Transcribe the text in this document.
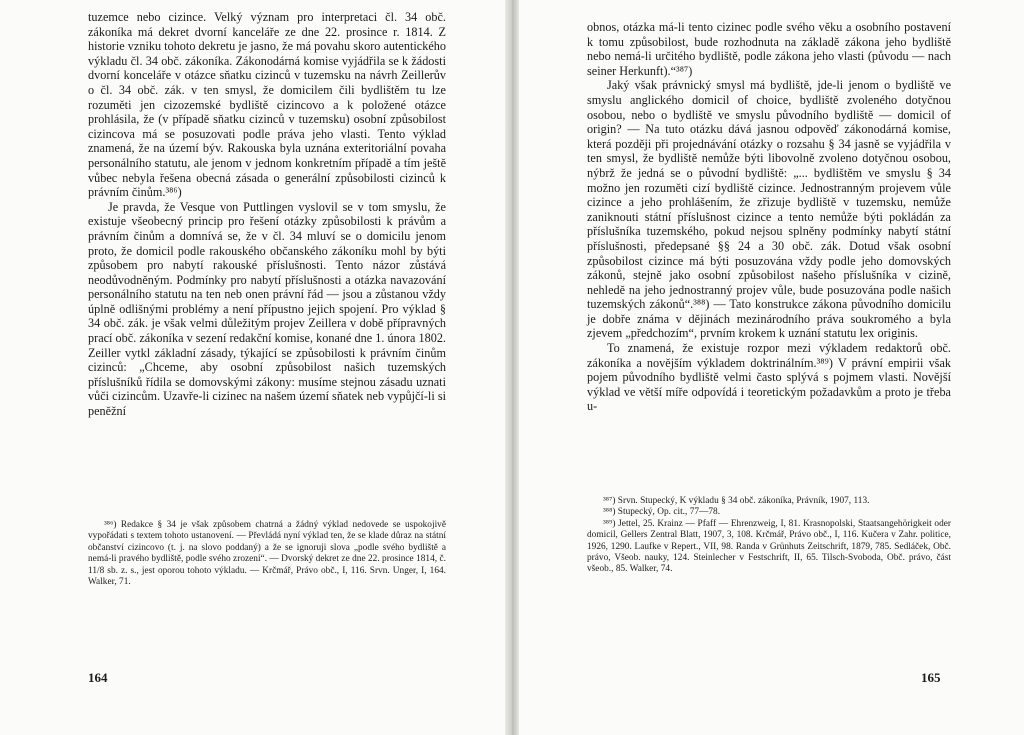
tuzemce nebo cizince. Velký význam pro interpretaci čl. 34 obč. zákoníka má dekret dvorní kanceláře ze dne 22. prosince r. 1814. Z historie vzniku tohoto dekretu je jasno, že má povahu skoro autentického výkladu čl. 34 obč. zákoníka. Zákonodárná komise vyjádřila se k žádosti dvorní konceláře v otázce sňatku cizinců v tuzemsku na návrh Zeillerův o čl. 34 obč. zák. v ten smysl, že domicilem čili bydlištěm tu lze rozuměti jen cizozemské bydliště cizincovo a k položené otázce prohlásila, že (v případě sňatku cizinců v tuzemsku) osobní způsobilost cizincova má se posuzovati podle práva jeho vlasti. Tento výklad znamená, že na území býv. Rakouska byla uznána exteritoriální povaha personálního statutu, ale jenom v jednom konkretním případě a tím ještě vůbec nebyla řešena obecná zásada o generální způsobilosti cizinců k právním činům.³⁸⁶)

Je pravda, že Vesque von Puttlingen vyslovil se v tom smyslu, že existuje všeobecný princip pro řešení otázky způsobilosti k právům a právním činům a domnívá se, že v čl. 34 mluví se o domicilu jenom proto, že domicil podle rakouského občanského zákoníku mohl by býti způsobem pro nabytí rakouské příslušnosti. Tento názor zůstává neodůvodněným. Podmínky pro nabytí příslušnosti a otázka navazování personálního statutu na ten neb onen právní řád — jsou a zůstanou vždy úplně odlišnými problémy a není přípustno jejich spojení. Pro výklad § 34 obč. zák. je však velmi důležitým projev Zeillera v době přípravných prací obč. zákoníka v sezení redakční komise, konané dne 1. února 1802. Zeiller vytkl základní zásady, týkající se způsobilosti k právním činům cizinců: „Chceme, aby osobní způsobilost našich tuzemských příslušníků řídila se domovskými zákony: musíme stejnou zásadu uznati vůči cizincům. Uzavře-li cizinec na našem území sňatek neb vypůjčí-li si peněžní

³⁸⁶) Redakce § 34 je však způsobem chatrná a žádný výklad nedovede se uspokojivě vypořádati s textem tohoto ustanovení. — Převládá nyní výklad ten, že se klade důraz na státní občanství cizincovo (t. j. na slovo poddaný) a že se ignoruji slova „podle svého bydliště a nemá-li pravého bydliště, podle svého zrození“. — Dvorský dekret ze dne 22. prosince 1814, č. 11/8 sb. z. s., jest oporou tohoto výkladu. — Krčmář, Právo obč., I, 116. Srvn. Unger, I, 164. Walker, 71.

164

obnos, otázka má-li tento cizinec podle svého věku a osobního postavení k tomu způsobilost, bude rozhodnuta na základě zákona jeho bydliště nebo nemá-li určitého bydliště, podle zákona jeho vlasti (původu — nach seiner Herkunft).“³⁸⁷)

Jaký však právnický smysl má bydliště, jde-li jenom o bydliště ve smyslu anglického domicil of choice, bydliště zvoleného dotyčnou osobou, nebo o bydliště ve smyslu původního bydliště — domicil of origin? — Na tuto otázku dává jasnou odpověď zákonodárná komise, která později při projednávání otázky o rozsahu § 34 jasně se vyjádřila v ten smysl, že bydliště nemůže býti libovolně zvoleno dotyčnou osobou, nýbrž že jedná se o původní bydliště: „... bydlištěm ve smyslu § 34 možno jen rozuměti cizí bydliště cizince. Jednostranným projevem vůle cizince a jeho prohlášením, že zřizuje bydliště v tuzemsku, nemůže zaniknouti státní příslušnost cizince a tento nemůže býti pokládán za příslušníka tuzemského, pokud nejsou splněny podmínky nabytí státní příslušnosti, předepsané §§ 24 a 30 obč. zák. Dotud však osobní způsobilost cizince má býti posuzována vždy podle jeho domovských zákonů, stejně jako osobní způsobilost našeho příslušníka v cizině, nehledě na jeho jednostranný projev vůle, bude posuzována podle našich tuzemských zákonů“.³⁸⁸) — Tato konstrukce zákona původního domicilu je dobře známa v dějinách mezinárodního práva soukromého a byla zjevem „předchozím“, prvním krokem k uznání statutu lex originis.

To znamená, že existuje rozpor mezi výkladem redaktorů obč. zákoníka a novějším výkladem doktrinálním.³⁸⁹) V právní empirii však pojem původního bydliště velmi často splývá s pojmem vlasti. Novější výklad ve větší míře odpovídá i teoretickým požadavkům a proto je třeba u-

³⁸⁷) Srvn. Stupecký, K výkladu § 34 obč. zákoníka, Právník, 1907, 113.

³⁸⁸) Stupecký, Op. cit., 77—78.

³⁸⁹) Jettel, 25. Krainz — Pfaff — Ehrenzweig, I, 81. Krasnopolski, Staatsangehörigkeit oder domicil, Gellers Zentral Blatt, 1907, 3, 108. Krčmář, Právo obč., I, 116. Kučera v Zahr. politice, 1926, 1290. Laufke v Repert., VII, 98. Randa v Grünhuts Zeitschrift, 1879, 785. Sedláček, Obč. právo, Všeob. nauky, 124. Steinlecher v Festschrift, II, 65. Tilsch-Svoboda, Obč. právo, část všeob., 85. Walker, 74.

165
